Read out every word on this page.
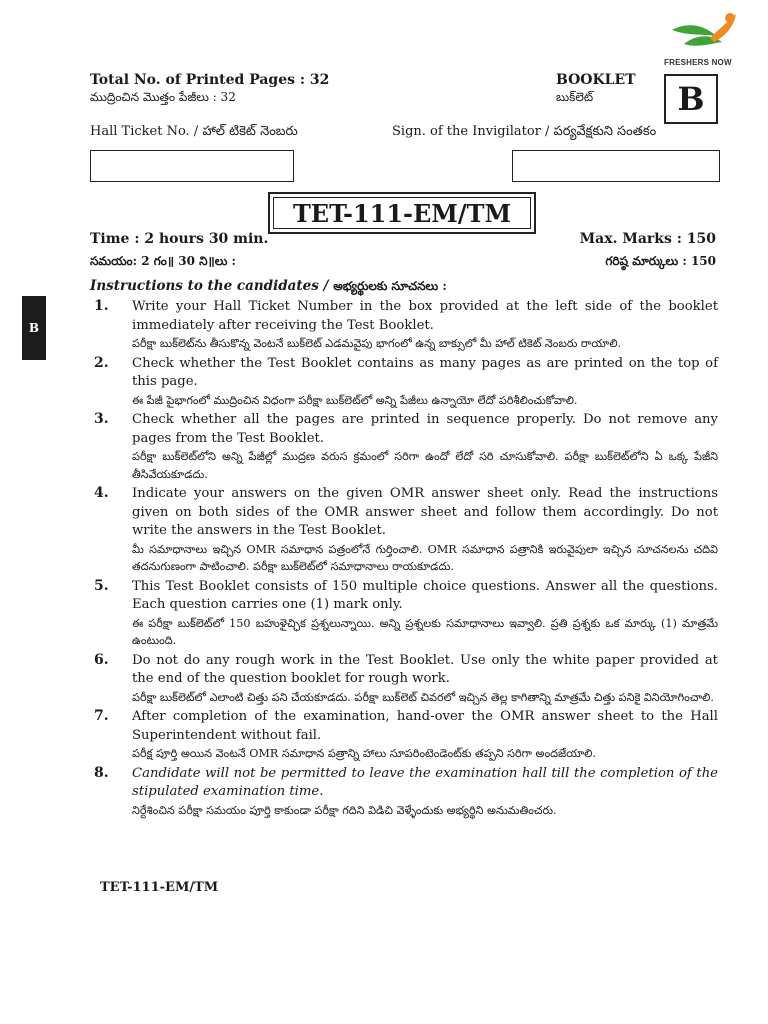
FRESHERS NOW
Total No. of Printed Pages : 32
ముద్రించిన మొత్తం పేజీలు : 32
BOOKLET
బుక్‌లెట్	B
Hall Ticket No. / హాల్ టికెట్ నెంబరు	Sign. of the Invigilator / పర్యవేక్షకుని సంతకం
TET-111-EM/TM
Time : 2 hours 30 min.
సమయం: 2 గం॥ 30 ని॥లు :
Max. Marks : 150
గరిష్ఠ మార్కులు : 150
B
Instructions to the candidates / అభ్యర్థులకు సూచనలు :
1. Write your Hall Ticket Number in the box provided at the left side of the booklet immediately after receiving the Test Booklet.
పరీక్షా బుక్‌లెట్‌ను తీసుకొన్న వెంటనే బుక్‌లెట్ ఎడమవైపు భాగంలో ఉన్న బాక్సులో మీ హాల్ టికెట్ నెంబరు రాయాలి.
2. Check whether the Test Booklet contains as many pages as are printed on the top of this page.
ఈ పేజీ పైభాగంలో ముద్రించిన విధంగా పరీక్షా బుక్‌లెట్‌లో అన్ని పేజీలు ఉన్నాయో లేదో పరిశీలించుకోవాలి.
3. Check whether all the pages are printed in sequence properly. Do not remove any pages from the Test Booklet.
పరీక్షా బుక్‌లెట్‌లోని అన్ని పేజీల్లో ముద్రణ వరుస క్రమంలో సరిగా ఉందో లేదో సరి చూసుకోవాలి. పరీక్షా బుక్‌లెట్‌లోని ఏ ఒక్క పేజీని తీసివేయకూడదు.
4. Indicate your answers on the given OMR answer sheet only. Read the instructions given on both sides of the OMR answer sheet and follow them accordingly. Do not write the answers in the Test Booklet.
మీ సమాధానాలు ఇచ్చిన OMR సమాధాన పత్రంలోనే గుర్తించాలి. OMR సమాధాన పత్రానికి ఇరువైపులా ఇచ్చిన సూచనలను చదివి తదనుగుణంగా పాటించాలి. పరీక్షా బుక్‌లెట్‌లో సమాధానాలు రాయకూడదు.
5. This Test Booklet consists of 150 multiple choice questions. Answer all the questions. Each question carries one (1) mark only.
ఈ పరీక్షా బుక్‌లెట్‌లో 150 బహుళైచ్ఛిక ప్రశ్నలున్నాయి. అన్ని ప్రశ్నలకు సమాధానాలు ఇవ్వాలి. ప్రతి ప్రశ్నకు ఒక మార్కు (1) మాత్రమే ఉంటుంది.
6. Do not do any rough work in the Test Booklet. Use only the white paper provided at the end of the question booklet for rough work.
పరీక్షా బుక్‌లెట్‌లో ఎలాంటి చిత్తు పని చేయకూడదు. పరీక్షా బుక్‌లెట్ చివరలో ఇచ్చిన తెల్ల కాగితాన్ని మాత్రమే చిత్తు పనికై వినియోగించాలి.
7. After completion of the examination, hand-over the OMR answer sheet to the Hall Superintendent without fail.
పరీక్ష పూర్తి అయిన వెంటనే OMR సమాధాన పత్రాన్ని హాలు సూపరింటెండెంట్‌కు తప్పని సరిగా అందజేయాలి.
8. Candidate will not be permitted to leave the examination hall till the completion of the stipulated examination time.
నిర్దేశించిన పరీక్షా సమయం పూర్తి కాకుండా పరీక్షా గదిని విడిచి వెళ్ళేందుకు అభ్యర్థిని అనుమతించరు.
TET-111-EM/TM
